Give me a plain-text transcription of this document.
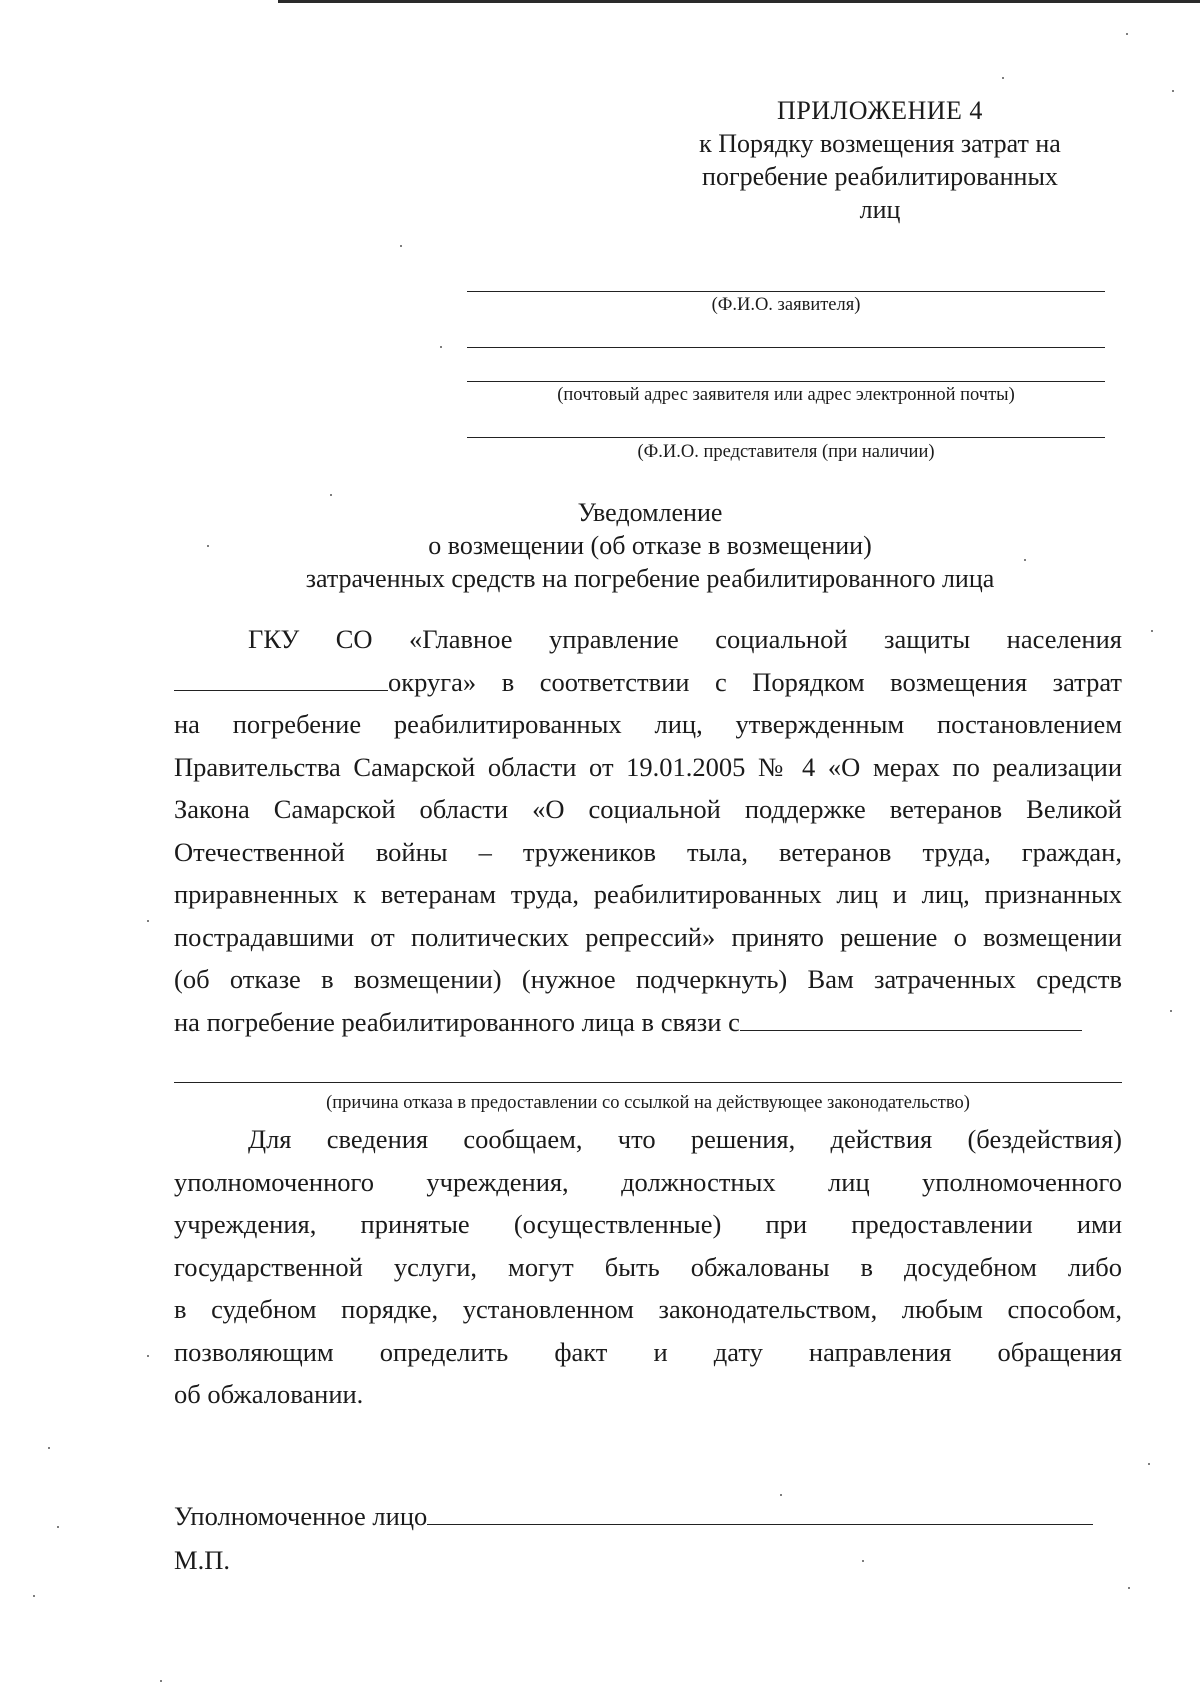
ПРИЛОЖЕНИЕ 4
к Порядку возмещения затрат на
погребение реабилитированных
лиц
(Ф.И.О. заявителя)
(почтовый адрес заявителя или адрес электронной почты)
(Ф.И.О. представителя (при наличии)
Уведомление
о возмещении (об отказе в возмещении)
затраченных средств на погребение реабилитированного лица
ГКУ СО «Главное управление социальной защиты населения
округа» в соответствии с Порядком возмещения затрат
на погребение реабилитированных лиц, утвержденным постановлением
Правительства Самарской области от 19.01.2005 № 4 «О мерах по реализации
Закона Самарской области «О социальной поддержке ветеранов Великой
Отечественной войны – тружеников тыла, ветеранов труда, граждан,
приравненных к ветеранам труда, реабилитированных лиц и лиц, признанных
пострадавшими от политических репрессий» принято решение о возмещении
(об отказе в возмещении) (нужное подчеркнуть) Вам затраченных средств
на погребение реабилитированного лица в связи с
(причина отказа в предоставлении со ссылкой на действующее законодательство)
Для сведения сообщаем, что решения, действия (бездействия)
уполномоченного учреждения, должностных лиц уполномоченного
учреждения, принятые (осуществленные) при предоставлении ими
государственной услуги, могут быть обжалованы в досудебном либо
в судебном порядке, установленном законодательством, любым способом,
позволяющим определить факт и дату направления обращения
об обжаловании.
Уполномоченное лицо
М.П.
